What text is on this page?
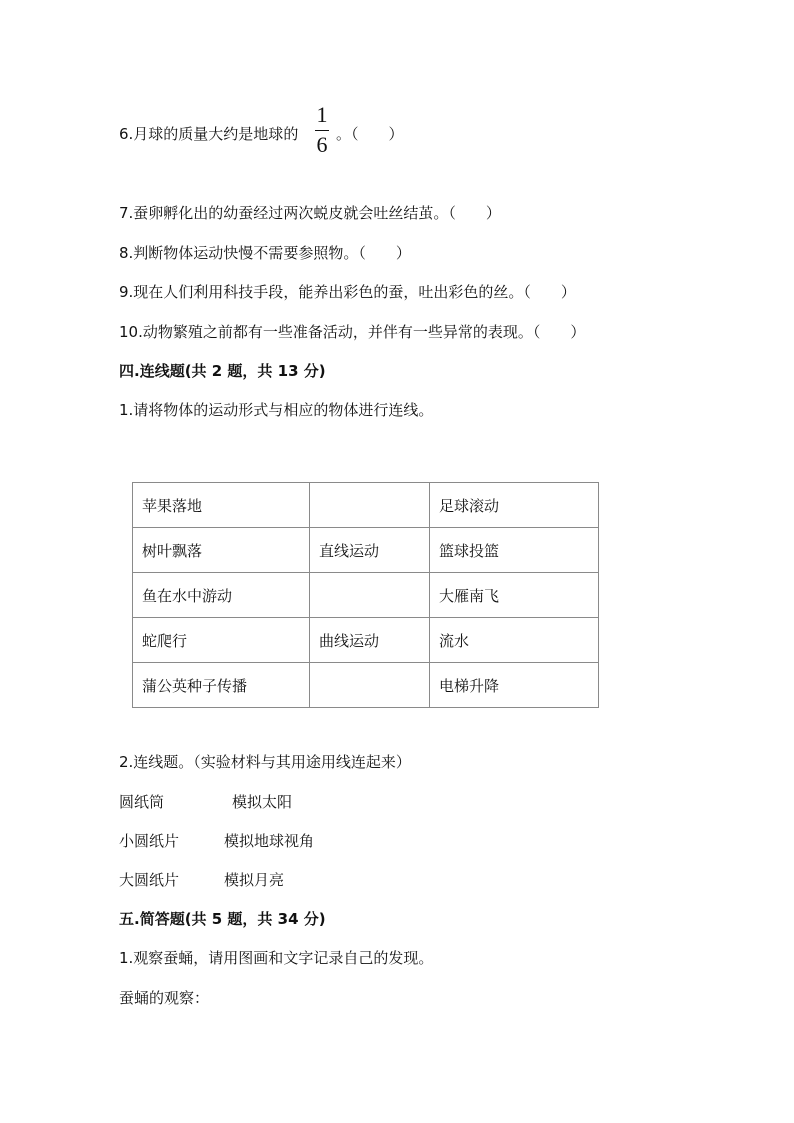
6.月球的质量大约是地球的
1
6 。（　　）
7.蚕卵孵化出的幼蚕经过两次蜕皮就会吐丝结茧。（　　）
8.判断物体运动快慢不需要参照物。（　　）
9.现在人们利用科技手段，能养出彩色的蚕，吐出彩色的丝。（　　）
10.动物繁殖之前都有一些准备活动，并伴有一些异常的表现。（　　）
四.连线题(共 2 题，共 13 分)
1.请将物体的运动形式与相应的物体进行连线。
苹果落地		足球滚动
树叶飘落	直线运动	篮球投篮
鱼在水中游动		大雁南飞
蛇爬行	曲线运动	流水
蒲公英种子传播		电梯升降
2.连线题。（实验材料与其用途用线连起来）
圆纸筒	模拟太阳
小圆纸片	模拟地球视角
大圆纸片	模拟月亮
五.简答题(共 5 题，共 34 分)
1.观察蚕蛹，请用图画和文字记录自己的发现。
蚕蛹的观察：
